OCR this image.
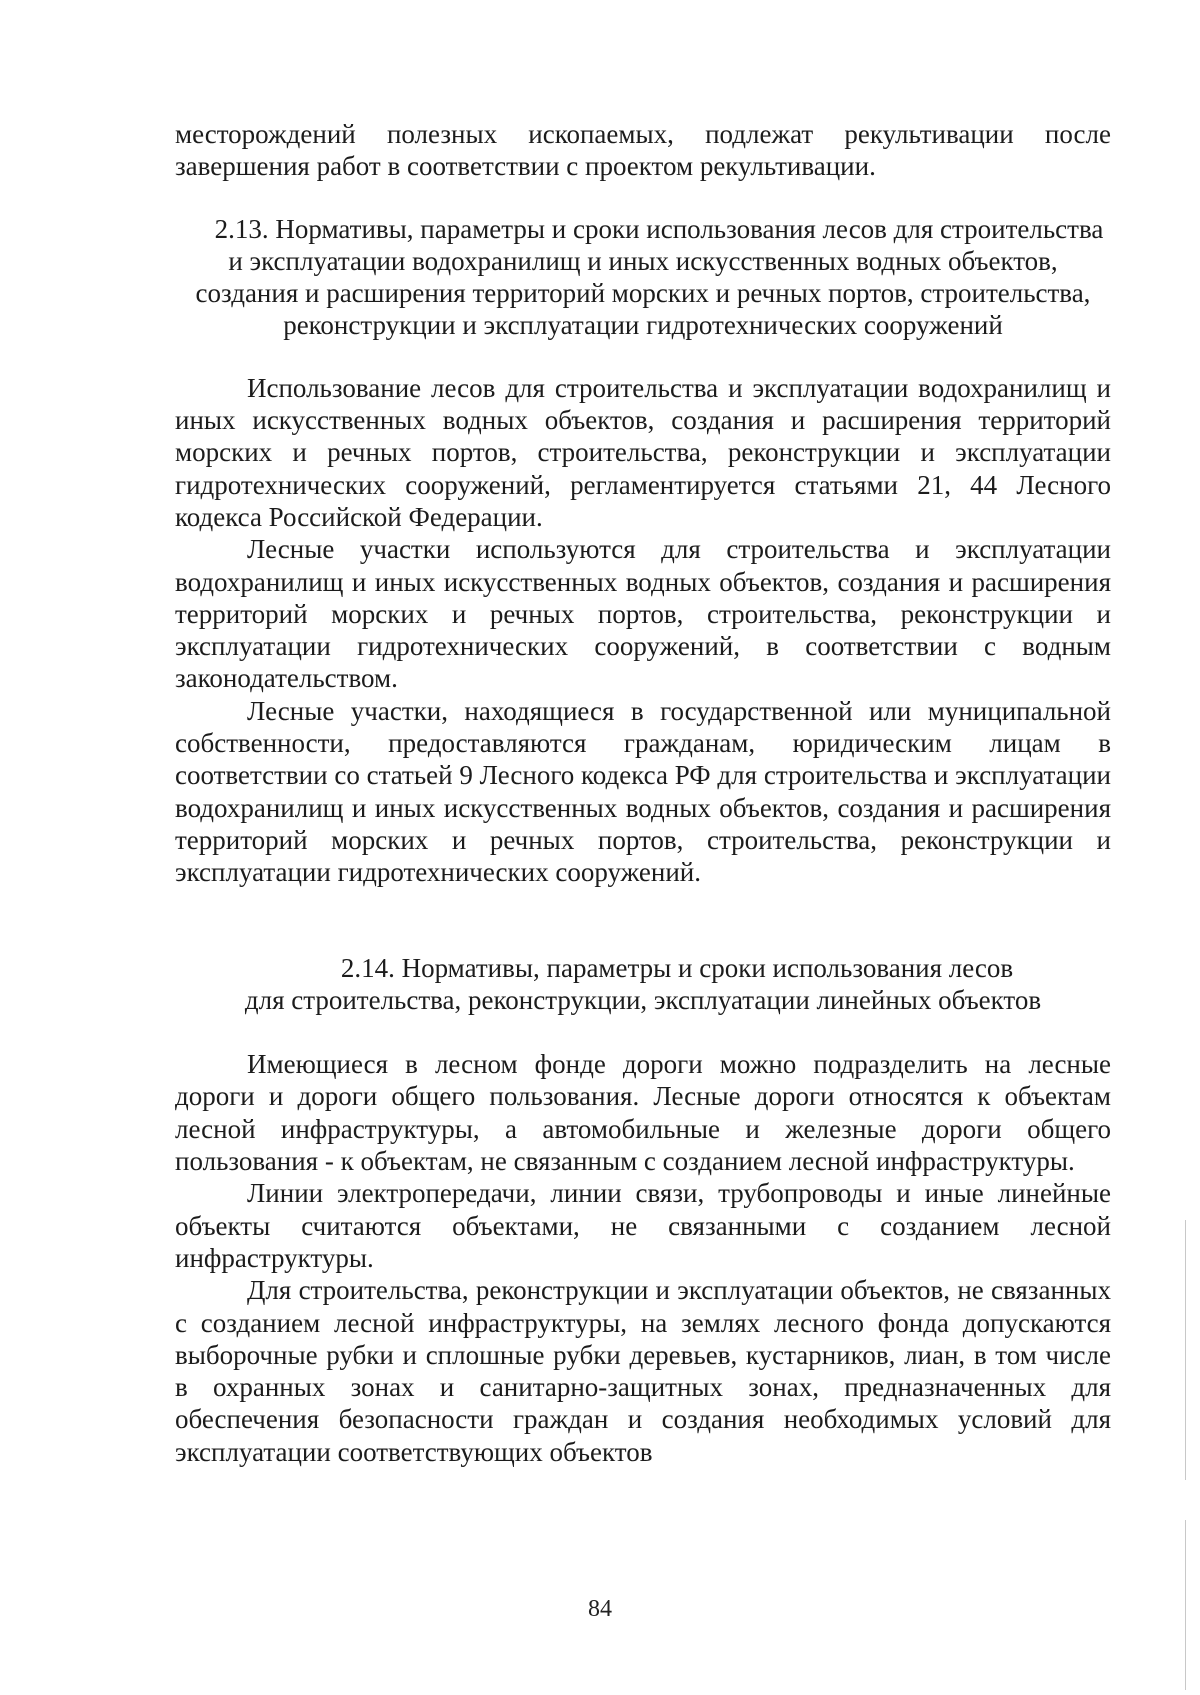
месторождений полезных ископаемых, подлежат рекультивации после завершения работ в соответствии с проектом рекультивации.

2.13. Нормативы, параметры и сроки использования лесов для строительства и эксплуатации водохранилищ и иных искусственных водных объектов, создания и расширения территорий морских и речных портов, строительства, реконструкции и эксплуатации гидротехнических сооружений

Использование лесов для строительства и эксплуатации водохранилищ и иных искусственных водных объектов, создания и расширения территорий морских и речных портов, строительства, реконструкции и эксплуатации гидротехнических сооружений, регламентируется статьями 21, 44 Лесного кодекса Российской Федерации.

Лесные участки используются для строительства и эксплуатации водохранилищ и иных искусственных водных объектов, создания и расширения территорий морских и речных портов, строительства, реконструкции и эксплуатации гидротехнических сооружений, в соответствии с водным законодательством.

Лесные участки, находящиеся в государственной или муниципальной собственности, предоставляются гражданам, юридическим лицам в соответствии со статьей 9 Лесного кодекса РФ для строительства и эксплуатации водохранилищ и иных искусственных водных объектов, создания и расширения территорий морских и речных портов, строительства, реконструкции и эксплуатации гидротехнических сооружений.

2.14. Нормативы, параметры и сроки использования лесов
для строительства, реконструкции, эксплуатации линейных объектов

Имеющиеся в лесном фонде дороги можно подразделить на лесные дороги и дороги общего пользования. Лесные дороги относятся к объектам лесной инфраструктуры, а автомобильные и железные дороги общего пользования - к объектам, не связанным с созданием лесной инфраструктуры.

Линии электропередачи, линии связи, трубопроводы и иные линейные объекты считаются объектами, не связанными с созданием лесной инфраструктуры.

Для строительства, реконструкции и эксплуатации объектов, не связанных с созданием лесной инфраструктуры, на землях лесного фонда допускаются выборочные рубки и сплошные рубки деревьев, кустарников, лиан, в том числе в охранных зонах и санитарно-защитных зонах, предназначенных для обеспечения безопасности граждан и создания необходимых условий для эксплуатации соответствующих объектов

84
